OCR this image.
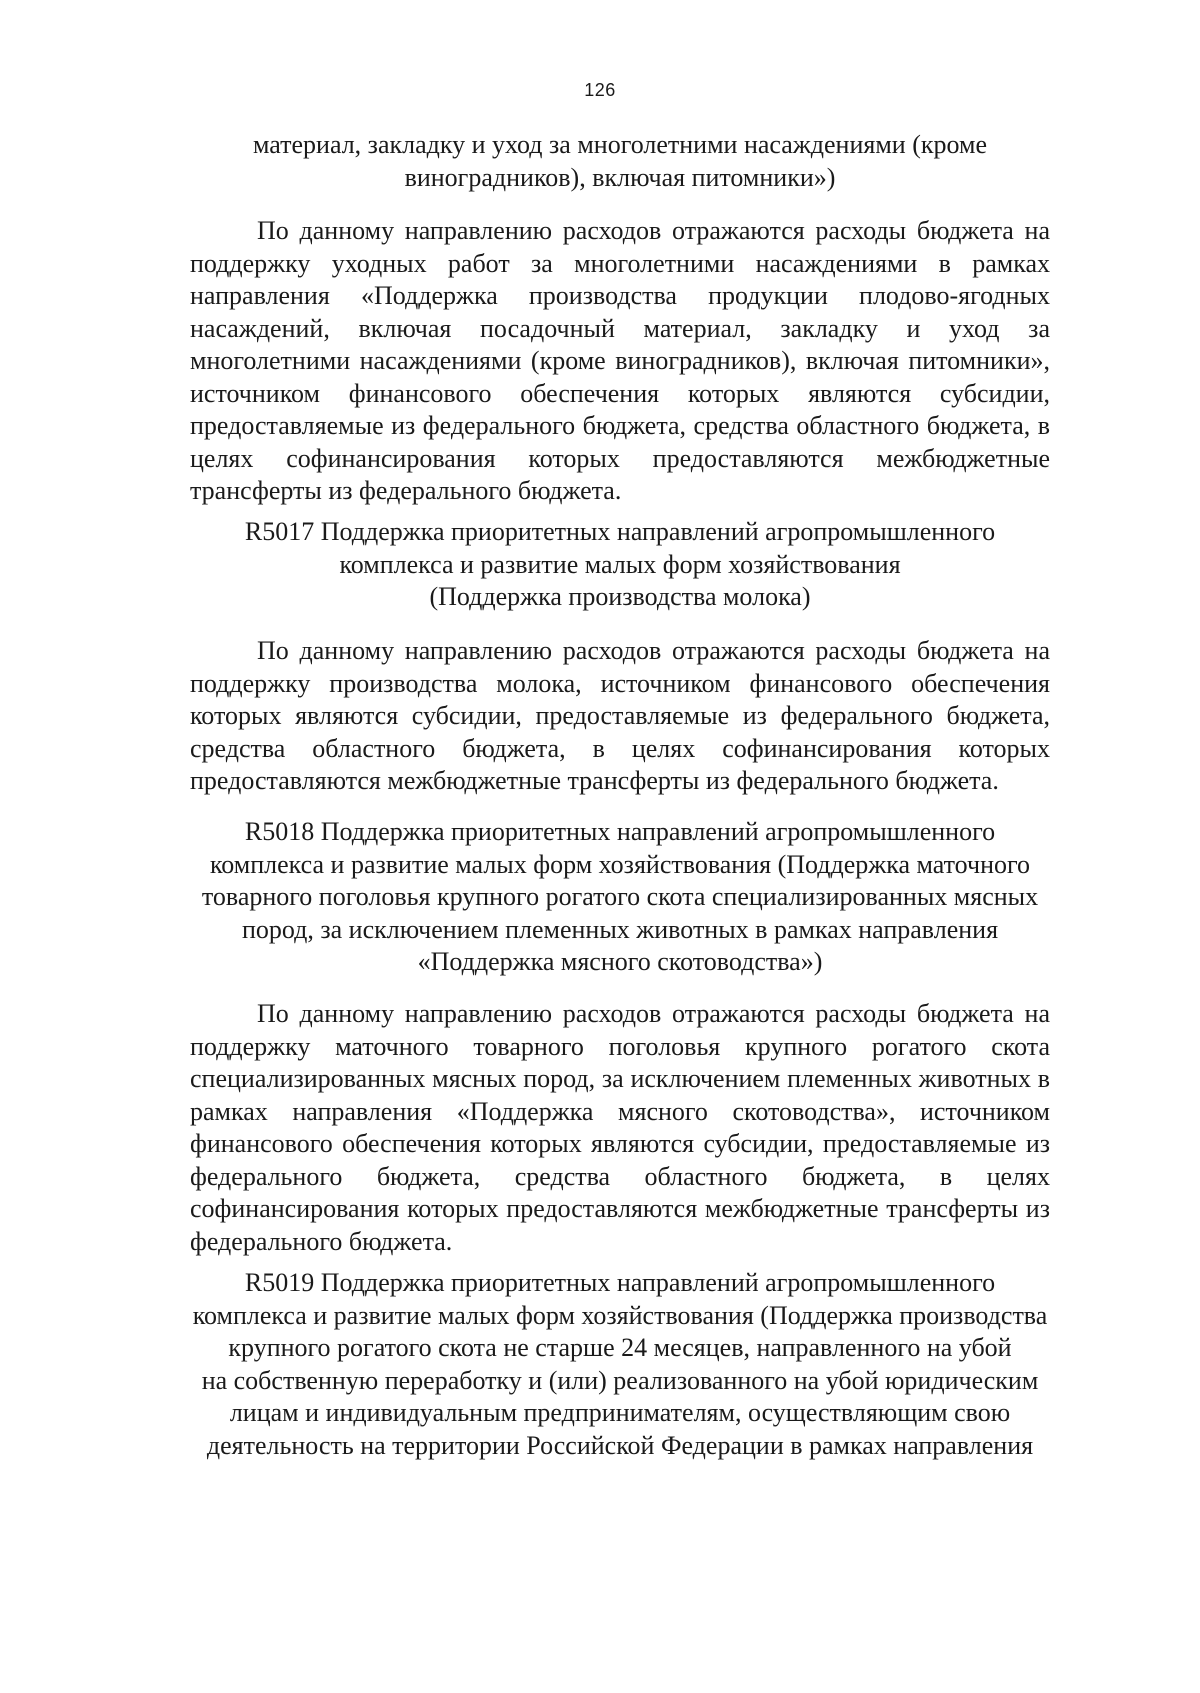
126
материал, закладку и уход за многолетними насаждениями (кроме
виноградников), включая питомники»)
По данному направлению расходов отражаются расходы бюджета на поддержку уходных работ за многолетними насаждениями в рамках направления «Поддержка производства продукции плодово-ягодных насаждений, включая посадочный материал, закладку и уход за многолетними насаждениями (кроме виноградников), включая питомники», источником финансового обеспечения которых являются субсидии, предоставляемые из федерального бюджета, средства областного бюджета, в целях софинансирования которых предоставляются межбюджетные трансферты из федерального бюджета.
R5017 Поддержка приоритетных направлений агропромышленного
комплекса и развитие малых форм хозяйствования
(Поддержка производства молока)
По данному направлению расходов отражаются расходы бюджета на поддержку производства молока, источником финансового обеспечения которых являются субсидии, предоставляемые из федерального бюджета, средства областного бюджета, в целях софинансирования которых предоставляются межбюджетные трансферты из федерального бюджета.
R5018 Поддержка приоритетных направлений агропромышленного
комплекса и развитие малых форм хозяйствования (Поддержка маточного
товарного поголовья крупного рогатого скота специализированных мясных
пород, за исключением племенных животных в рамках направления
«Поддержка мясного скотоводства»)
По данному направлению расходов отражаются расходы бюджета на поддержку маточного товарного поголовья крупного рогатого скота специализированных мясных пород, за исключением племенных животных в рамках направления «Поддержка мясного скотоводства», источником финансового обеспечения которых являются субсидии, предоставляемые из федерального бюджета, средства областного бюджета, в целях софинансирования которых предоставляются межбюджетные трансферты из федерального бюджета.
R5019 Поддержка приоритетных направлений агропромышленного
комплекса и развитие малых форм хозяйствования (Поддержка производства
крупного рогатого скота не старше 24 месяцев, направленного на убой
на собственную переработку и (или) реализованного на убой юридическим
лицам и индивидуальным предпринимателям, осуществляющим свою
деятельность на территории Российской Федерации в рамках направления
